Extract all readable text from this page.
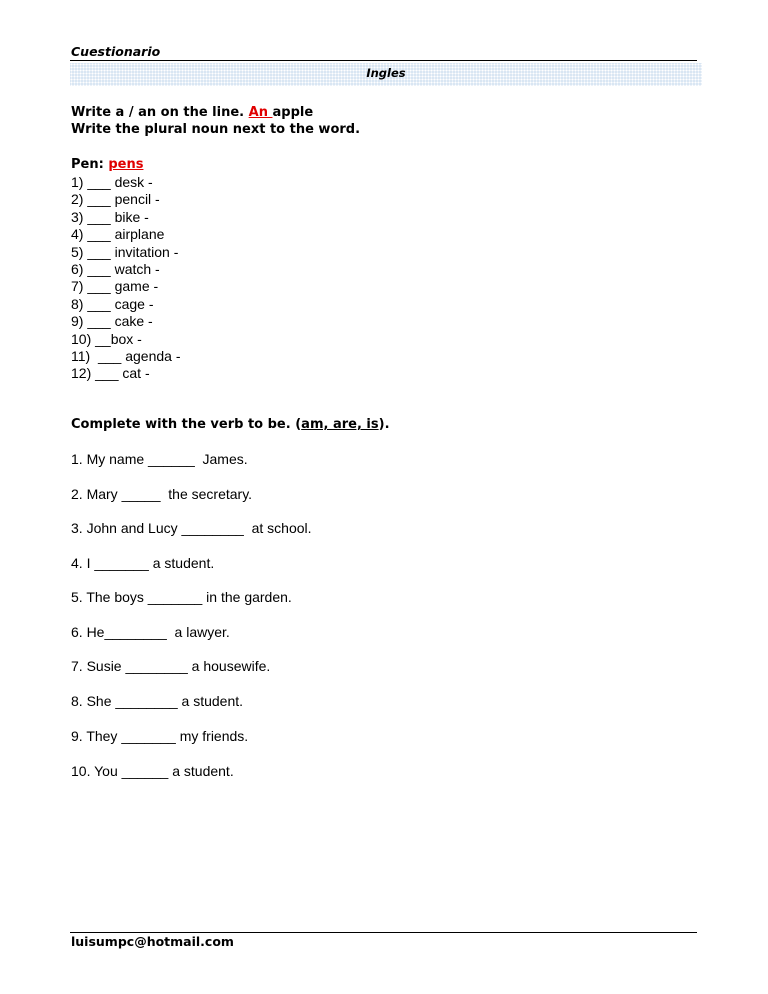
Cuestionario
Ingles
Write a / an on the line. An apple
Write the plural noun next to the word.
Pen: pens
1) ___ desk -
2) ___ pencil -
3) ___ bike -
4) ___ airplane
5) ___ invitation -
6) ___ watch -
7) ___ game -
8) ___ cage -
9) ___ cake -
10) __box -
11)  ___ agenda -
12) ___ cat -
Complete with the verb to be. (am, are, is).
1. My name ______  James.
2. Mary _____  the secretary.
3. John and Lucy ________  at school.
4. I _______ a student.
5. The boys _______ in the garden.
6. He________  a lawyer.
7. Susie ________ a housewife.
8. She ________ a student.
9. They _______ my friends.
10. You ______ a student.
luisumpc@hotmail.com
